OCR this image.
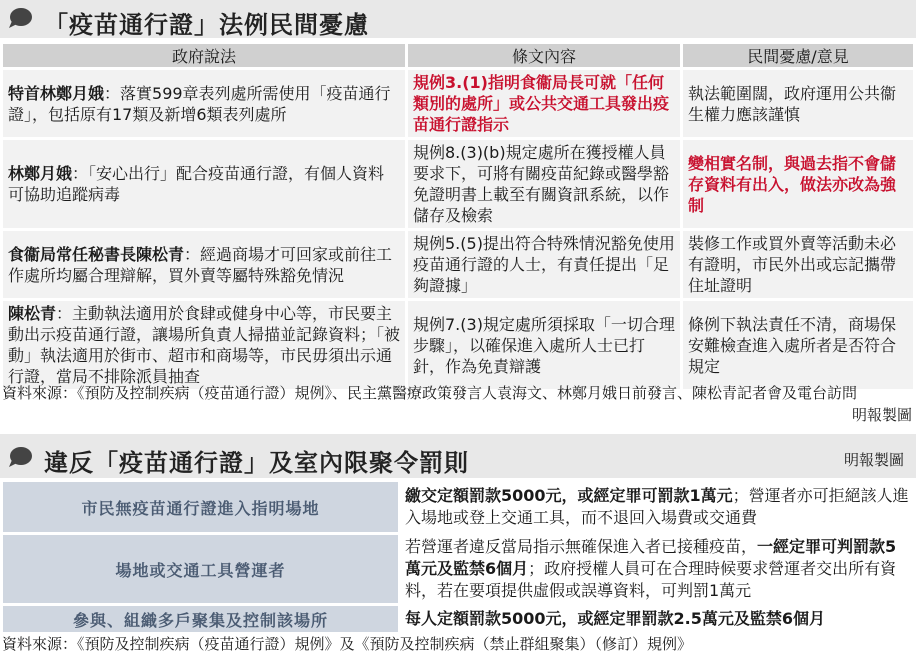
「疫苗通行證」法例民間憂慮
政府說法	條文內容	民間憂慮/意見
特首林鄭月娥：落實599章表列處所需使用「疫苗通行證」，包括原有17類及新增6類表列處所	規例3.(1)指明食衞局長可就「任何類別的處所」或公共交通工具發出疫苗通行證指示	執法範圍闊，政府運用公共衞生權力應該謹慎
林鄭月娥：「安心出行」配合疫苗通行證，有個人資料可協助追蹤病毒	規例8.(3)(b)規定處所在獲授權人員要求下，可將有關疫苗紀錄或醫學豁免證明書上載至有關資訊系統，以作儲存及檢索	變相實名制，與過去指不會儲存資料有出入，做法亦改為強制
食衞局常任秘書長陳松青：經過商場才可回家或前往工作處所均屬合理辯解，買外賣等屬特殊豁免情況	規例5.(5)提出符合特殊情況豁免使用疫苗通行證的人士，有責任提出「足夠證據」	裝修工作或買外賣等活動未必有證明，市民外出或忘記攜帶住址證明
陳松青：主動執法適用於食肆或健身中心等，市民要主動出示疫苗通行證，讓場所負責人掃描並記錄資料；「被動」執法適用於街市、超市和商場等，市民毋須出示通行證，當局不排除派員抽查	規例7.(3)規定處所須採取「一切合理步驟」，以確保進入處所人士已打針，作為免責辯護	條例下執法責任不清，商場保安難檢查進入處所者是否符合規定
資料來源：《預防及控制疾病（疫苗通行證）規例》、民主黨醫療政策發言人袁海文、林鄭月娥日前發言、陳松青記者會及電台訪問
明報製圖
違反「疫苗通行證」及室內限聚令罰則	明報製圖
市民無疫苗通行證進入指明場地	繳交定額罰款5000元，或經定罪可罰款1萬元；營運者亦可拒絕該人進入場地或登上交通工具，而不退回入場費或交通費
場地或交通工具營運者	若營運者違反當局指示無確保進入者已接種疫苗，一經定罪可判罰款5萬元及監禁6個月；政府授權人員可在合理時候要求營運者交出所有資料，若在要項提供虛假或誤導資料，可判罰1萬元
參與、組織多戶聚集及控制該場所	每人定額罰款5000元，或經定罪罰款2.5萬元及監禁6個月
資料來源：《預防及控制疾病（疫苗通行證）規例》及《預防及控制疾病（禁止群組聚集）（修訂）規例》
